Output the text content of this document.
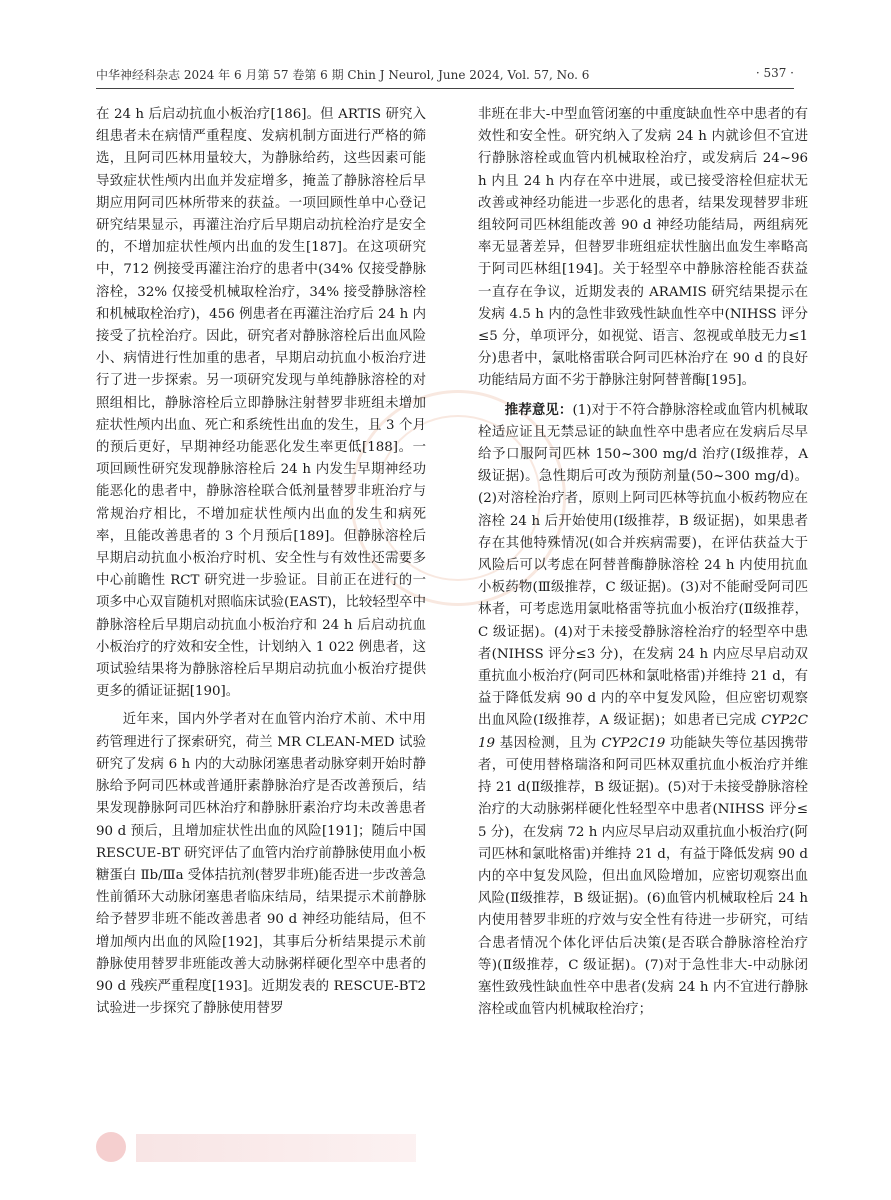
中华神经科杂志 2024 年 6 月第 57 卷第 6 期 Chin J Neurol, June 2024, Vol. 57, No. 6	· 537 ·

在 24 h 后启动抗血小板治疗[186]。但 ARTIS 研究入组患者未在病情严重程度、发病机制方面进行严格的筛选，且阿司匹林用量较大，为静脉给药，这些因素可能导致症状性颅内出血并发症增多，掩盖了静脉溶栓后早期应用阿司匹林所带来的获益。一项回顾性单中心登记研究结果显示，再灌注治疗后早期启动抗栓治疗是安全的，不增加症状性颅内出血的发生[187]。在这项研究中，712 例接受再灌注治疗的患者中(34% 仅接受静脉溶栓，32% 仅接受机械取栓治疗，34% 接受静脉溶栓和机械取栓治疗)，456 例患者在再灌注治疗后 24 h 内接受了抗栓治疗。因此，研究者对静脉溶栓后出血风险小、病情进行性加重的患者，早期启动抗血小板治疗进行了进一步探索。另一项研究发现与单纯静脉溶栓的对照组相比，静脉溶栓后立即静脉注射替罗非班组未增加症状性颅内出血、死亡和系统性出血的发生，且 3 个月的预后更好，早期神经功能恶化发生率更低[188]。一项回顾性研究发现静脉溶栓后 24 h 内发生早期神经功能恶化的患者中，静脉溶栓联合低剂量替罗非班治疗与常规治疗相比，不增加症状性颅内出血的发生和病死率，且能改善患者的 3 个月预后[189]。但静脉溶栓后早期启动抗血小板治疗时机、安全性与有效性还需要多中心前瞻性 RCT 研究进一步验证。目前正在进行的一项多中心双盲随机对照临床试验(EAST)，比较轻型卒中静脉溶栓后早期启动抗血小板治疗和 24 h 后启动抗血小板治疗的疗效和安全性，计划纳入 1 022 例患者，这项试验结果将为静脉溶栓后早期启动抗血小板治疗提供更多的循证证据[190]。

近年来，国内外学者对在血管内治疗术前、术中用药管理进行了探索研究，荷兰 MR CLEAN-MED 试验研究了发病 6 h 内的大动脉闭塞患者动脉穿刺开始时静脉给予阿司匹林或普通肝素静脉治疗是否改善预后，结果发现静脉阿司匹林治疗和静脉肝素治疗均未改善患者 90 d 预后，且增加症状性出血的风险[191]；随后中国 RESCUE-BT 研究评估了血管内治疗前静脉使用血小板糖蛋白 Ⅱb/Ⅲa 受体拮抗剂(替罗非班)能否进一步改善急性前循环大动脉闭塞患者临床结局，结果提示术前静脉给予替罗非班不能改善患者 90 d 神经功能结局，但不增加颅内出血的风险[192]，其事后分析结果提示术前静脉使用替罗非班能改善大动脉粥样硬化型卒中患者的 90 d 残疾严重程度[193]。近期发表的 RESCUE-BT2 试验进一步探究了静脉使用替罗

非班在非大-中型血管闭塞的中重度缺血性卒中患者的有效性和安全性。研究纳入了发病 24 h 内就诊但不宜进行静脉溶栓或血管内机械取栓治疗，或发病后 24~96 h 内且 24 h 内存在卒中进展，或已接受溶栓但症状无改善或神经功能进一步恶化的患者，结果发现替罗非班组较阿司匹林组能改善 90 d 神经功能结局，两组病死率无显著差异，但替罗非班组症状性脑出血发生率略高于阿司匹林组[194]。关于轻型卒中静脉溶栓能否获益一直存在争议，近期发表的 ARAMIS 研究结果提示在发病 4.5 h 内的急性非致残性缺血性卒中(NIHSS 评分≤5 分，单项评分，如视觉、语言、忽视或单肢无力≤1 分)患者中，氯吡格雷联合阿司匹林治疗在 90 d 的良好功能结局方面不劣于静脉注射阿替普酶[195]。

推荐意见：(1)对于不符合静脉溶栓或血管内机械取栓适应证且无禁忌证的缺血性卒中患者应在发病后尽早给予口服阿司匹林 150~300 mg/d 治疗(Ⅰ级推荐，A 级证据)。急性期后可改为预防剂量(50~300 mg/d)。(2)对溶栓治疗者，原则上阿司匹林等抗血小板药物应在溶栓 24 h 后开始使用(Ⅰ级推荐，B 级证据)，如果患者存在其他特殊情况(如合并疾病需要)，在评估获益大于风险后可以考虑在阿替普酶静脉溶栓 24 h 内使用抗血小板药物(Ⅲ级推荐，C 级证据)。(3)对不能耐受阿司匹林者，可考虑选用氯吡格雷等抗血小板治疗(Ⅱ级推荐，C 级证据)。(4)对于未接受静脉溶栓治疗的轻型卒中患者(NIHSS 评分≤3 分)，在发病 24 h 内应尽早启动双重抗血小板治疗(阿司匹林和氯吡格雷)并维持 21 d，有益于降低发病 90 d 内的卒中复发风险，但应密切观察出血风险(Ⅰ级推荐，A 级证据)；如患者已完成 CYP2C19 基因检测，且为 CYP2C19 功能缺失等位基因携带者，可使用替格瑞洛和阿司匹林双重抗血小板治疗并维持 21 d(Ⅱ级推荐，B 级证据)。(5)对于未接受静脉溶栓治疗的大动脉粥样硬化性轻型卒中患者(NIHSS 评分≤5 分)，在发病 72 h 内应尽早启动双重抗血小板治疗(阿司匹林和氯吡格雷)并维持 21 d，有益于降低发病 90 d 内的卒中复发风险，但出血风险增加，应密切观察出血风险(Ⅱ级推荐，B 级证据)。(6)血管内机械取栓后 24 h 内使用替罗非班的疗效与安全性有待进一步研究，可结合患者情况个体化评估后决策(是否联合静脉溶栓治疗等)(Ⅱ级推荐，C 级证据)。(7)对于急性非大-中动脉闭塞性致残性缺血性卒中患者(发病 24 h 内不宜进行静脉溶栓或血管内机械取栓治疗；
